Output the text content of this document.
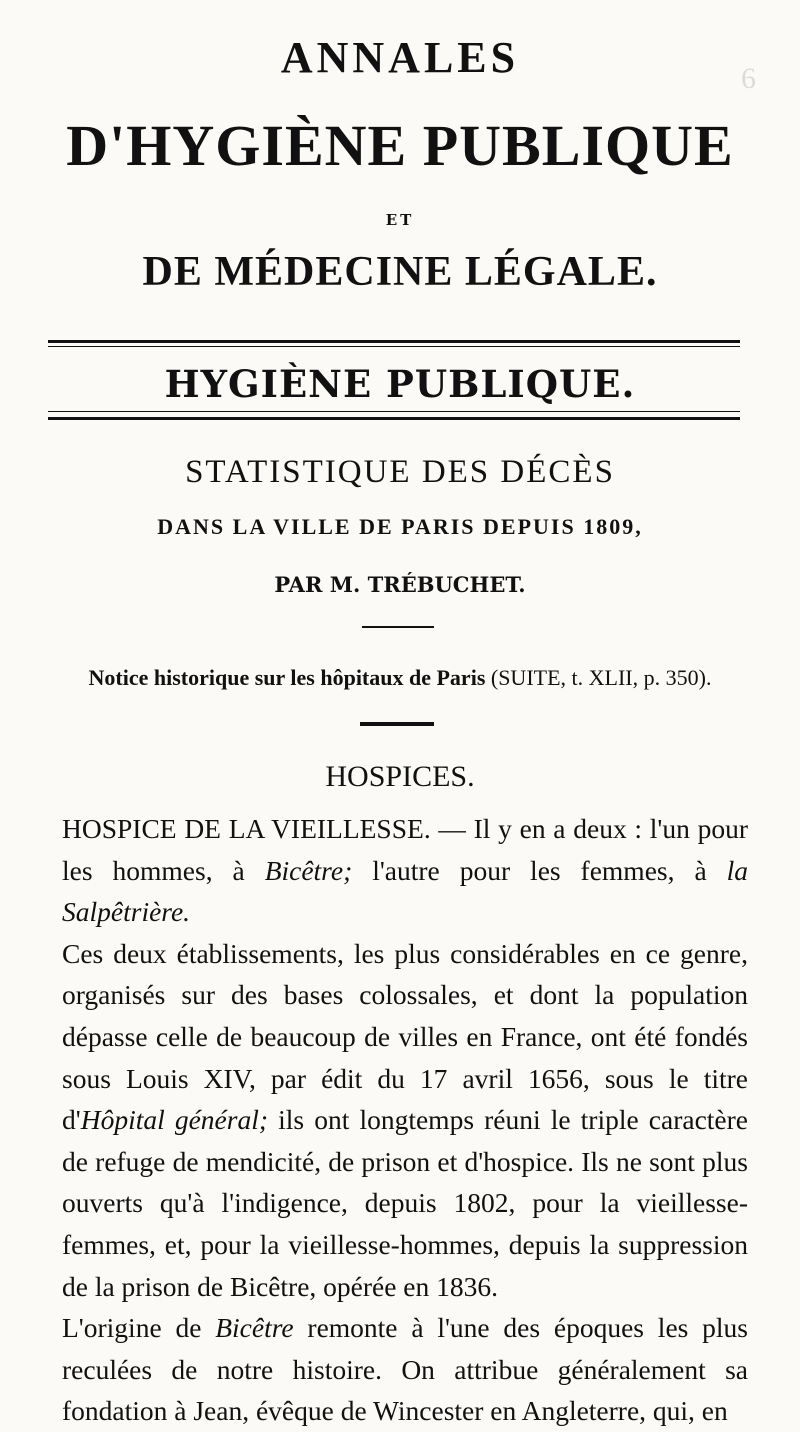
6
ANNALES
D'HYGIÈNE PUBLIQUE
ET
DE MÉDECINE LÉGALE.
HYGIÈNE PUBLIQUE.
STATISTIQUE DES DÉCÈS
DANS LA VILLE DE PARIS DEPUIS 1809,
PAR M. TRÉBUCHET.
Notice historique sur les hôpitaux de Paris (SUITE, t. XLII, p. 350).
HOSPICES.

HOSPICE DE LA VIEILLESSE. — Il y en a deux : l'un pour les hommes, à Bicêtre; l'autre pour les femmes, à la Salpêtrière.

Ces deux établissements, les plus considérables en ce genre, organisés sur des bases colossales, et dont la population dépasse celle de beaucoup de villes en France, ont été fondés sous Louis XIV, par édit du 17 avril 1656, sous le titre d'Hôpital général; ils ont longtemps réuni le triple caractère de refuge de mendicité, de prison et d'hospice. Ils ne sont plus ouverts qu'à l'indigence, depuis 1802, pour la vieillesse-femmes, et, pour la vieillesse-hommes, depuis la suppression de la prison de Bicêtre, opérée en 1836.

L'origine de Bicêtre remonte à l'une des époques les plus reculées de notre histoire. On attribue généralement sa fondation à Jean, évêque de Wincester en Angleterre, qui, en
